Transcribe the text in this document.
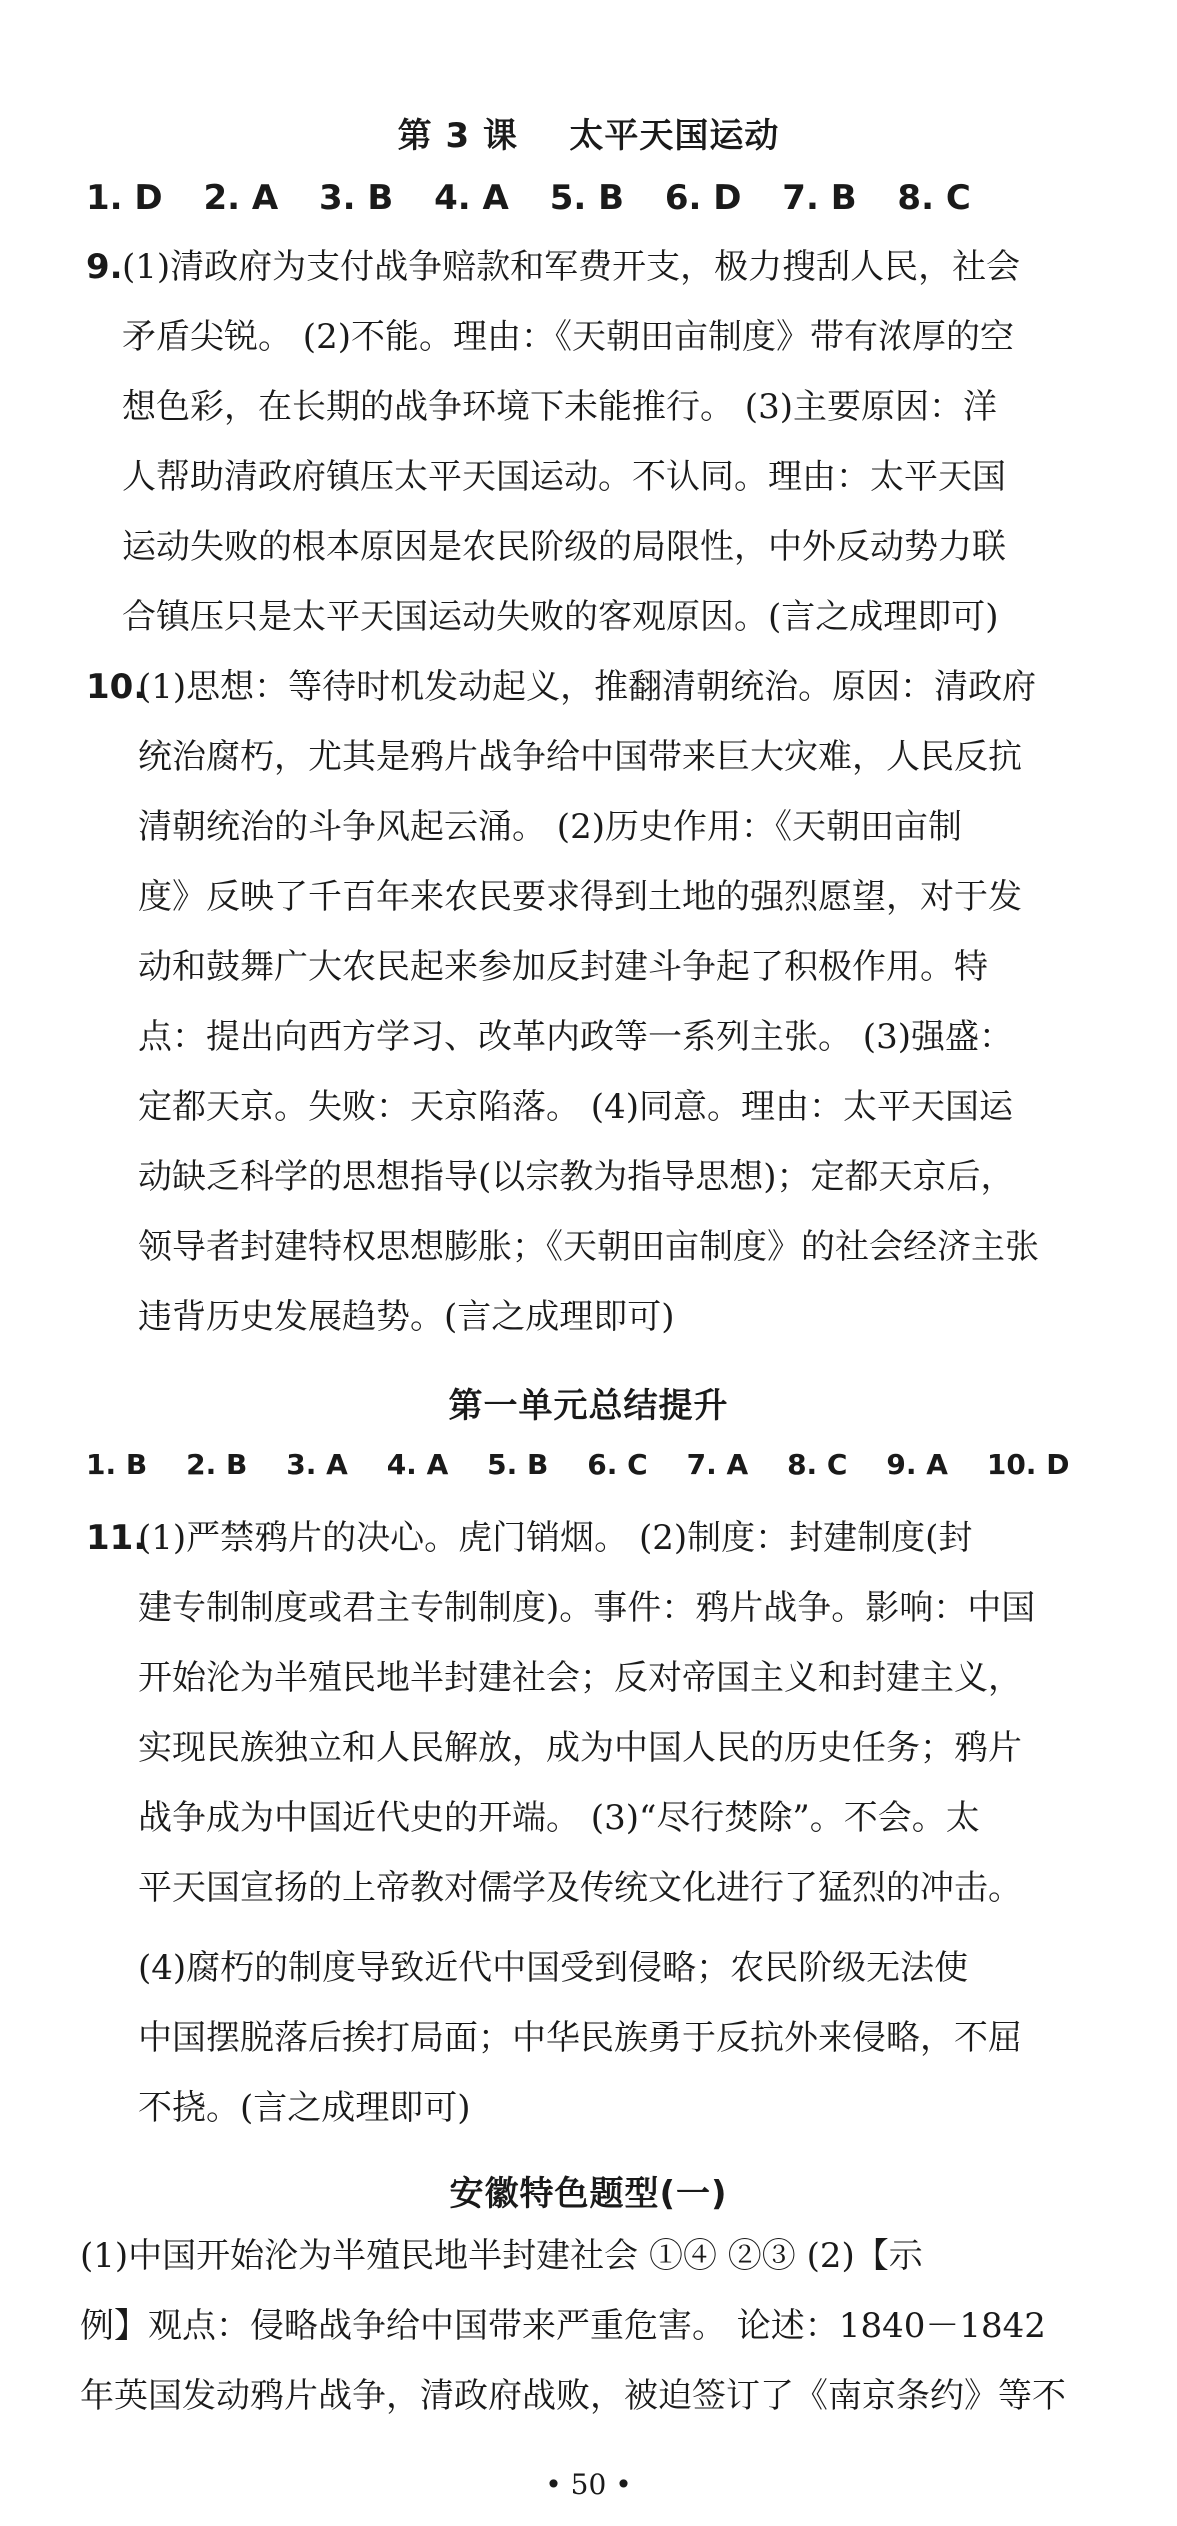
第 3 课    太平天国运动
1. D 2. A 3. B 4. A 5. B 6. D 7. B 8. C
9. (1)清政府为支付战争赔款和军费开支，极力搜刮人民，社会
矛盾尖锐。 (2)不能。理由：《天朝田亩制度》带有浓厚的空
想色彩，在长期的战争环境下未能推行。 (3)主要原因：洋
人帮助清政府镇压太平天国运动。不认同。理由：太平天国
运动失败的根本原因是农民阶级的局限性，中外反动势力联
合镇压只是太平天国运动失败的客观原因。(言之成理即可)
10.
(1)思想：等待时机发动起义，推翻清朝统治。原因：清政府
统治腐朽，尤其是鸦片战争给中国带来巨大灾难，人民反抗
清朝统治的斗争风起云涌。 (2)历史作用：《天朝田亩制
度》反映了千百年来农民要求得到土地的强烈愿望，对于发
动和鼓舞广大农民起来参加反封建斗争起了积极作用。特
点：提出向西方学习、改革内政等一系列主张。 (3)强盛：
定都天京。失败：天京陷落。 (4)同意。理由：太平天国运
动缺乏科学的思想指导(以宗教为指导思想)；定都天京后，
领导者封建特权思想膨胀；《天朝田亩制度》的社会经济主张
违背历史发展趋势。(言之成理即可)
第一单元总结提升
1. B 2. B 3. A 4. A 5. B 6. C 7. A 8. C 9. A 10. D
11.
(1)严禁鸦片的决心。虎门销烟。 (2)制度：封建制度(封
建专制制度或君主专制制度)。事件：鸦片战争。影响：中国
开始沦为半殖民地半封建社会；反对帝国主义和封建主义，
实现民族独立和人民解放，成为中国人民的历史任务；鸦片
战争成为中国近代史的开端。 (3)“尽行焚除”。不会。太
平天国宣扬的上帝教对儒学及传统文化进行了猛烈的冲击。
(4)腐朽的制度导致近代中国受到侵略；农民阶级无法使
中国摆脱落后挨打局面；中华民族勇于反抗外来侵略，不屈
不挠。(言之成理即可)
安徽特色题型(一)
(1)中国开始沦为半殖民地半封建社会 ①④ ②③ (2)【示
例】观点：侵略战争给中国带来严重危害。 论述：1840－1842
年英国发动鸦片战争，清政府战败，被迫签订了《南京条约》等不
• 50 •
